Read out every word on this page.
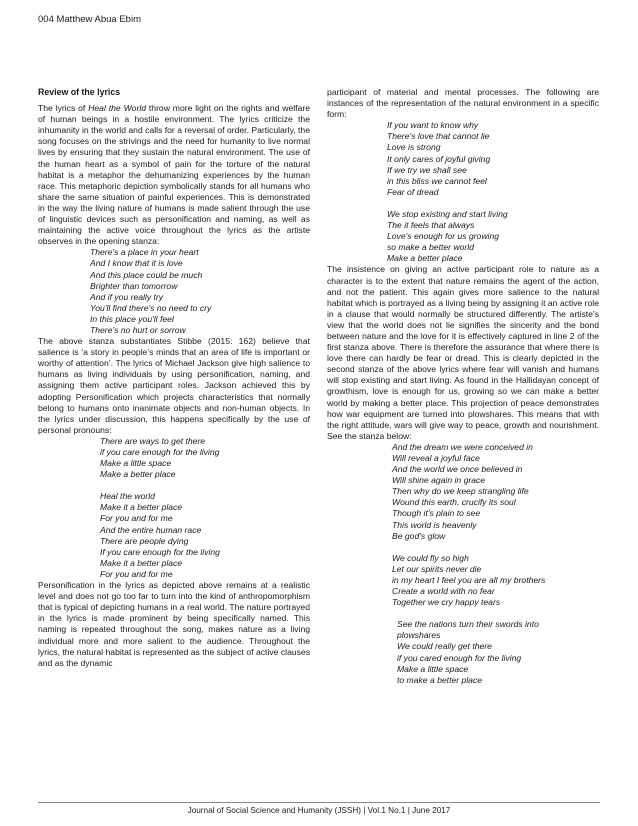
004 Matthew Abua Ebim
Review of the lyrics

The lyrics of Heal the World throw more light on the rights and welfare of human beings in a hostile environment. The lyrics criticize the inhumanity in the world and calls for a reversal of order. Particularly, the song focuses on the strivings and the need for humanity to live normal lives by ensuring that they sustain the natural environment. The use of the human heart as a symbol of pain for the torture of the natural habitat is a metaphor the dehumanizing experiences by the human race. This metaphoric depiction symbolically stands for all humans who share the same situation of painful experiences. This is demonstrated in the way the living nature of humans is made salient through the use of linguistic devices such as personification and naming, as well as maintaining the active voice throughout the lyrics as the artiste observes in the opening stanza:

There's a place in your heart
And I know that it is love
And this place could be much
Brighter than tomorrow
And if you really try
You'll find there's no need to cry
In this place you'll feel
There's no hurt or sorrow

The above stanza substantiates Stibbe (2015: 162) believe that salience is ‘a story in people’s minds that an area of life is important or worthy of attention’. The lyrics of Michael Jackson give high salience to humans as living individuals by using personification, naming, and assigning them active participant roles. Jackson achieved this by adopting Personification which projects characteristics that normally belong to humans onto inanimate objects and non-human objects. In the lyrics under discussion, this happens specifically by the use of personal pronouns:

There are ways to get there
if you care enough for the living
Make a little space
Make a better place
Heal the world
Make it a better place
For you and for me
And the entire human race
There are people dying
If you care enough for the living
Make it a better place
For you and for me

Personification in the lyrics as depicted above remains at a realistic level and does not go too far to turn into the kind of anthropomorphism that is typical of depicting humans in a real world. The nature portrayed in the lyrics is made prominent by being specifically named. This naming is repeated throughout the song, makes nature as a living individual more and more salient to the audience. Throughout the lyrics, the natural habitat is represented as the subject of active clauses and as the dynamic

participant of material and mental processes. The following are instances of the representation of the natural environment in a specific form:

If you want to know why
There's love that cannot lie
Love is strong
It only cares of joyful giving
If we try we shall see
in this bliss we cannot feel
Fear of dread
We stop existing and start living
The it feels that always
Love's enough for us growing
so make a better world
Make a better place

The insistence on giving an active participant role to nature as a character is to the extent that nature remains the agent of the action, and not the patient. This again gives more salience to the natural habitat which is portrayed as a living being by assigning it an active role in a clause that would normally be structured differently. The artiste’s view that the world does not lie signifies the sincerity and the bond between nature and the love for it is effectively captured in line 2 of the first stanza above. There is therefore the assurance that where there is love there can hardly be fear or dread. This is clearly depicted in the second stanza of the above lyrics where fear will vanish and humans will stop existing and start living. As found in the Hallidayan concept of growthism, love is enough for us, growing so we can make a better world by making a better place. This projection of peace demonstrates how war equipment are turned into plowshares. This means that with the right attitude, wars will give way to peace, growth and nourishment. See the stanza below:

And the dream we were conceived in
Will reveal a joyful face
And the world we once believed in
Will shine again in grace
Then why do we keep strangling life
Wound this earth, crucify its soul
Though it's plain to see
This world is heavenly
Be god's glow
We could fly so high
Let our spirits never die
in my heart I feel you are all my brothers
Create a world with no fear
Together we cry happy tears
See the nations turn their swords into
plowshares
We could really get there
if you cared enough for the living
Make a little space
to make a better place
Journal of Social Science and Humanity (JSSH) | Vol.1 No.1 | June 2017
